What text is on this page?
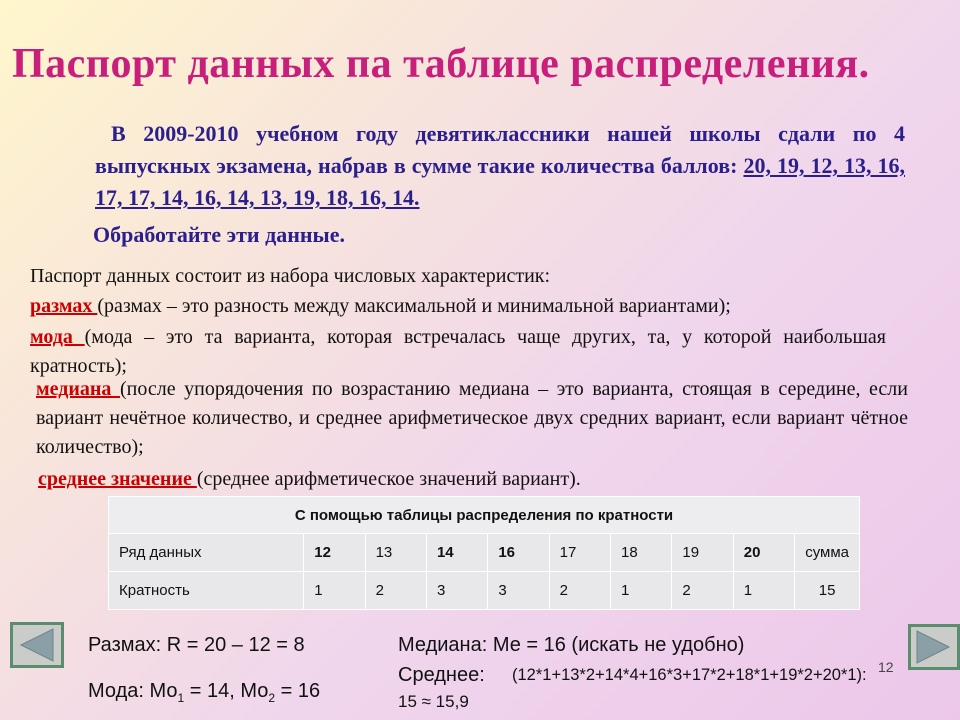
Паспорт данных па таблице распределения.
В 2009-2010 учебном году девятиклассники нашей школы сдали по 4 выпускных экзамена, набрав в сумме такие количества баллов: 20, 19, 12, 13, 16, 17, 17, 14, 16, 14, 13, 19, 18, 16, 14.
Обработайте эти данные.
Паспорт данных состоит из набора числовых характеристик:
размах (размах – это разность между максимальной и минимальной вариантами);
мода (мода – это та варианта, которая встречалась чаще других, та, у которой наибольшая кратность);
медиана (после упорядочения по возрастанию медиана – это варианта, стоящая в середине, если вариант нечётное количество, и среднее арифметическое двух средних вариант, если вариант чётное количество);
среднее значение (среднее арифметическое значений вариант).
С помощью таблицы распределения по кратности									
Ряд данных	12	13	14	16	17	18	19	20	сумма
Кратность	1	2	3	3	2	1	2	1	15
Размах: R = 20 – 12 = 8
Мода: $Мо_1 = 14$, $Мо_2 = 16$
Медиана: Ме = 16 (искать не удобно)
Среднее: (12*1+13*2+14*4+16*3+17*2+18*1+19*2+20*1):
15 ≈ 15,9
12
